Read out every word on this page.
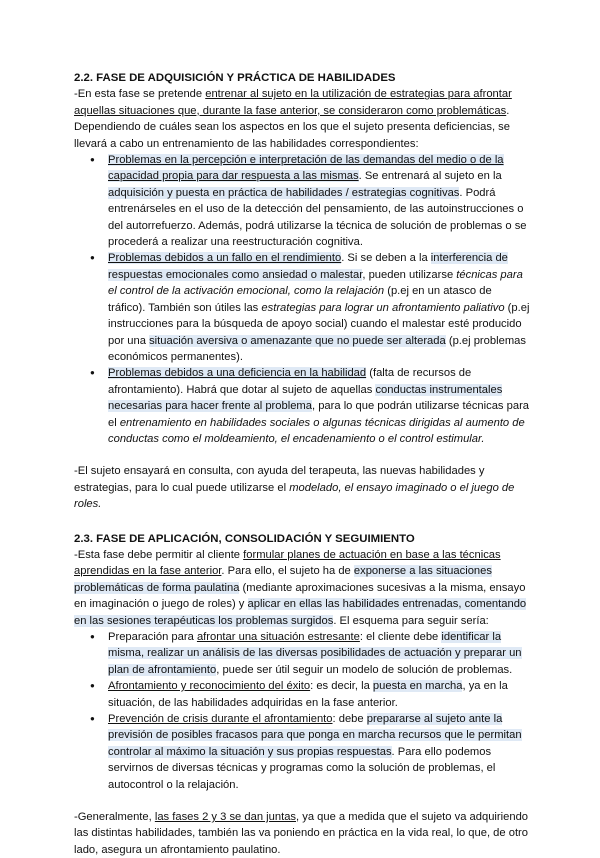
2.2. FASE DE ADQUISICIÓN Y PRÁCTICA DE HABILIDADES

-En esta fase se pretende entrenar al sujeto en la utilización de estrategias para afrontar aquellas situaciones que, durante la fase anterior, se consideraron como problemáticas. Dependiendo de cuáles sean los aspectos en los que el sujeto presenta deficiencias, se llevará a cabo un entrenamiento de las habilidades correspondientes:

● Problemas en la percepción e interpretación de las demandas del medio o de la capacidad propia para dar respuesta a las mismas. Se entrenará al sujeto en la adquisición y puesta en práctica de habilidades / estrategias cognitivas. Podrá entrenárseles en el uso de la detección del pensamiento, de las autoinstrucciones o del autorrefuerzo. Además, podrá utilizarse la técnica de solución de problemas o se procederá a realizar una reestructuración cognitiva.
● Problemas debidos a un fallo en el rendimiento. Si se deben a la interferencia de respuestas emocionales como ansiedad o malestar, pueden utilizarse técnicas para el control de la activación emocional, como la relajación (p.ej en un atasco de tráfico). También son útiles las estrategias para lograr un afrontamiento paliativo (p.ej instrucciones para la búsqueda de apoyo social) cuando el malestar esté producido por una situación aversiva o amenazante que no puede ser alterada (p.ej problemas económicos permanentes).
● Problemas debidos a una deficiencia en la habilidad (falta de recursos de afrontamiento). Habrá que dotar al sujeto de aquellas conductas instrumentales necesarias para hacer frente al problema, para lo que podrán utilizarse técnicas para el entrenamiento en habilidades sociales o algunas técnicas dirigidas al aumento de conductas como el moldeamiento, el encadenamiento o el control estimular.

-El sujeto ensayará en consulta, con ayuda del terapeuta, las nuevas habilidades y estrategias, para lo cual puede utilizarse el modelado, el ensayo imaginado o el juego de roles.

2.3. FASE DE APLICACIÓN, CONSOLIDACIÓN Y SEGUIMIENTO

-Esta fase debe permitir al cliente formular planes de actuación en base a las técnicas aprendidas en la fase anterior. Para ello, el sujeto ha de exponerse a las situaciones problemáticas de forma paulatina (mediante aproximaciones sucesivas a la misma, ensayo en imaginación o juego de roles) y aplicar en ellas las habilidades entrenadas, comentando en las sesiones terapéuticas los problemas surgidos. El esquema para seguir sería:

● Preparación para afrontar una situación estresante: el cliente debe identificar la misma, realizar un análisis de las diversas posibilidades de actuación y preparar un plan de afrontamiento, puede ser útil seguir un modelo de solución de problemas.
● Afrontamiento y reconocimiento del éxito: es decir, la puesta en marcha, ya en la situación, de las habilidades adquiridas en la fase anterior.
● Prevención de crisis durante el afrontamiento: debe prepararse al sujeto ante la previsión de posibles fracasos para que ponga en marcha recursos que le permitan controlar al máximo la situación y sus propias respuestas. Para ello podemos servirnos de diversas técnicas y programas como la solución de problemas, el autocontrol o la relajación.

-Generalmente, las fases 2 y 3 se dan juntas, ya que a medida que el sujeto va adquiriendo las distintas habilidades, también las va poniendo en práctica en la vida real, lo que, de otro lado, asegura un afrontamiento paulatino.
